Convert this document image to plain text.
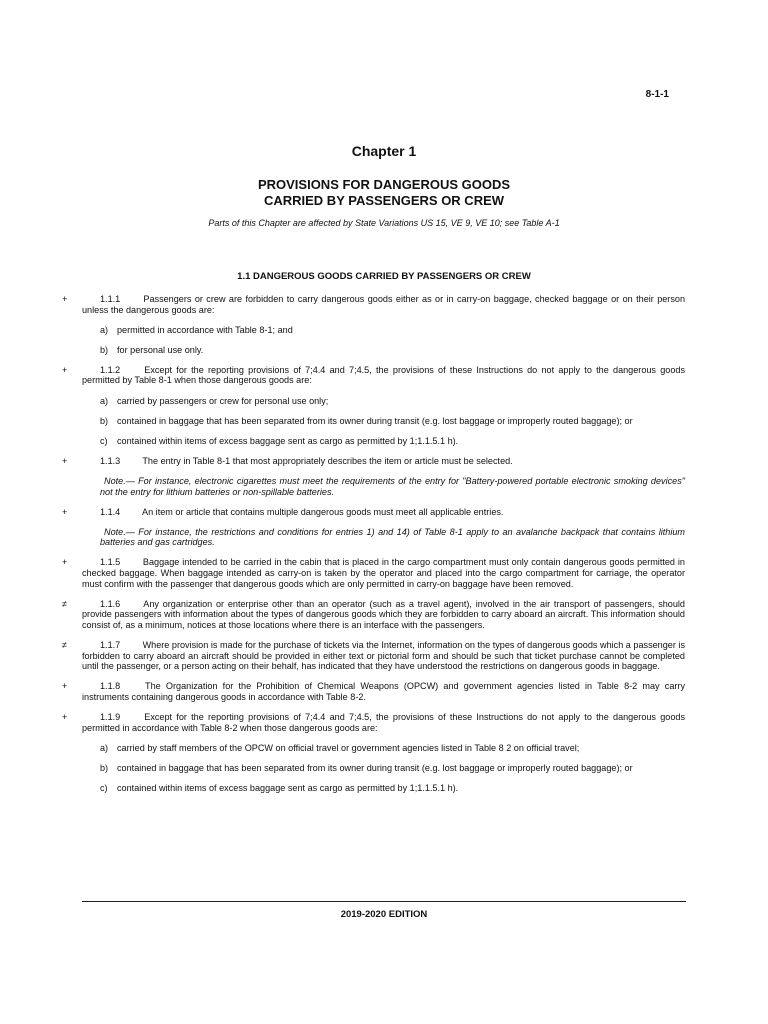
8-1-1
Chapter 1
PROVISIONS FOR DANGEROUS GOODS
CARRIED BY PASSENGERS OR CREW
Parts of this Chapter are affected by State Variations US 15, VE 9, VE 10; see Table A-1
1.1 DANGEROUS GOODS CARRIED BY PASSENGERS OR CREW
+	1.1.1	Passengers or crew are forbidden to carry dangerous goods either as or in carry-on baggage, checked baggage or on their person unless the dangerous goods are:
a) permitted in accordance with Table 8-1; and
b) for personal use only.
+	1.1.2	Except for the reporting provisions of 7;4.4 and 7;4.5, the provisions of these Instructions do not apply to the dangerous goods permitted by Table 8-1 when those dangerous goods are:
a) carried by passengers or crew for personal use only;
b) contained in baggage that has been separated from its owner during transit (e.g. lost baggage or improperly routed baggage); or
c) contained within items of excess baggage sent as cargo as permitted by 1;1.1.5.1 h).
+	1.1.3 The entry in Table 8-1 that most appropriately describes the item or article must be selected.
Note.— For instance, electronic cigarettes must meet the requirements of the entry for "Battery-powered portable electronic smoking devices" not the entry for lithium batteries or non-spillable batteries.
+	1.1.4 An item or article that contains multiple dangerous goods must meet all applicable entries.
Note.— For instance, the restrictions and conditions for entries 1) and 14) of Table 8-1 apply to an avalanche backpack that contains lithium batteries and gas cartridges.
+	1.1.5 Baggage intended to be carried in the cabin that is placed in the cargo compartment must only contain dangerous goods permitted in checked baggage. When baggage intended as carry-on is taken by the operator and placed into the cargo compartment for carriage, the operator must confirm with the passenger that dangerous goods which are only permitted in carry-on baggage have been removed.
≠	1.1.6	Any organization or enterprise other than an operator (such as a travel agent), involved in the air transport of passengers, should provide passengers with information about the types of dangerous goods which they are forbidden to carry aboard an aircraft. This information should consist of, as a minimum, notices at those locations where there is an interface with the passengers.
≠	1.1.7 Where provision is made for the purchase of tickets via the Internet, information on the types of dangerous goods which a passenger is forbidden to carry aboard an aircraft should be provided in either text or pictorial form and should be such that ticket purchase cannot be completed until the passenger, or a person acting on their behalf, has indicated that they have understood the restrictions on dangerous goods in baggage.
+	1.1.8	The Organization for the Prohibition of Chemical Weapons (OPCW) and government agencies listed in Table 8-2 may carry instruments containing dangerous goods in accordance with Table 8-2.
+	1.1.9	Except for the reporting provisions of 7;4.4 and 7;4.5, the provisions of these Instructions do not apply to the dangerous goods permitted in accordance with Table 8-2 when those dangerous goods are:
a) carried by staff members of the OPCW on official travel or government agencies listed in Table 8 2 on official travel;
b) contained in baggage that has been separated from its owner during transit (e.g. lost baggage or improperly routed baggage); or
c) contained within items of excess baggage sent as cargo as permitted by 1;1.1.5.1 h).
2019-2020 EDITION
